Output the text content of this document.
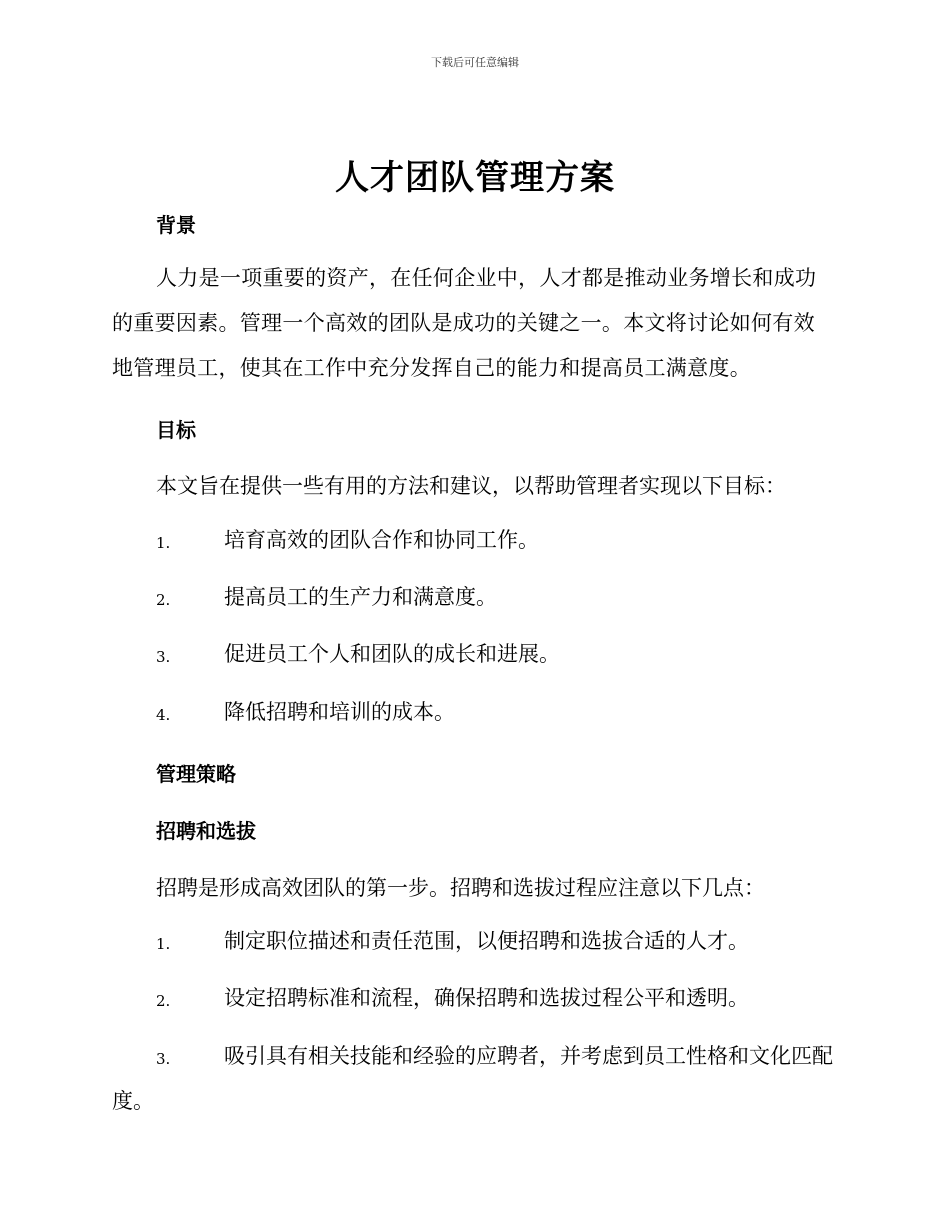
下载后可任意编辑
人才团队管理方案
背景
人力是一项重要的资产，在任何企业中，人才都是推动业务增长和成功的重要因素。管理一个高效的团队是成功的关键之一。本文将讨论如何有效地管理员工，使其在工作中充分发挥自己的能力和提高员工满意度。
目标
本文旨在提供一些有用的方法和建议，以帮助管理者实现以下目标：
1.	培育高效的团队合作和协同工作。
2.	提高员工的生产力和满意度。
3.	促进员工个人和团队的成长和进展。
4.	降低招聘和培训的成本。
管理策略
招聘和选拔
招聘是形成高效团队的第一步。招聘和选拔过程应注意以下几点：
1.	制定职位描述和责任范围，以便招聘和选拔合适的人才。
2.	设定招聘标准和流程，确保招聘和选拔过程公平和透明。
3.	吸引具有相关技能和经验的应聘者，并考虑到员工性格和文化匹配度。
